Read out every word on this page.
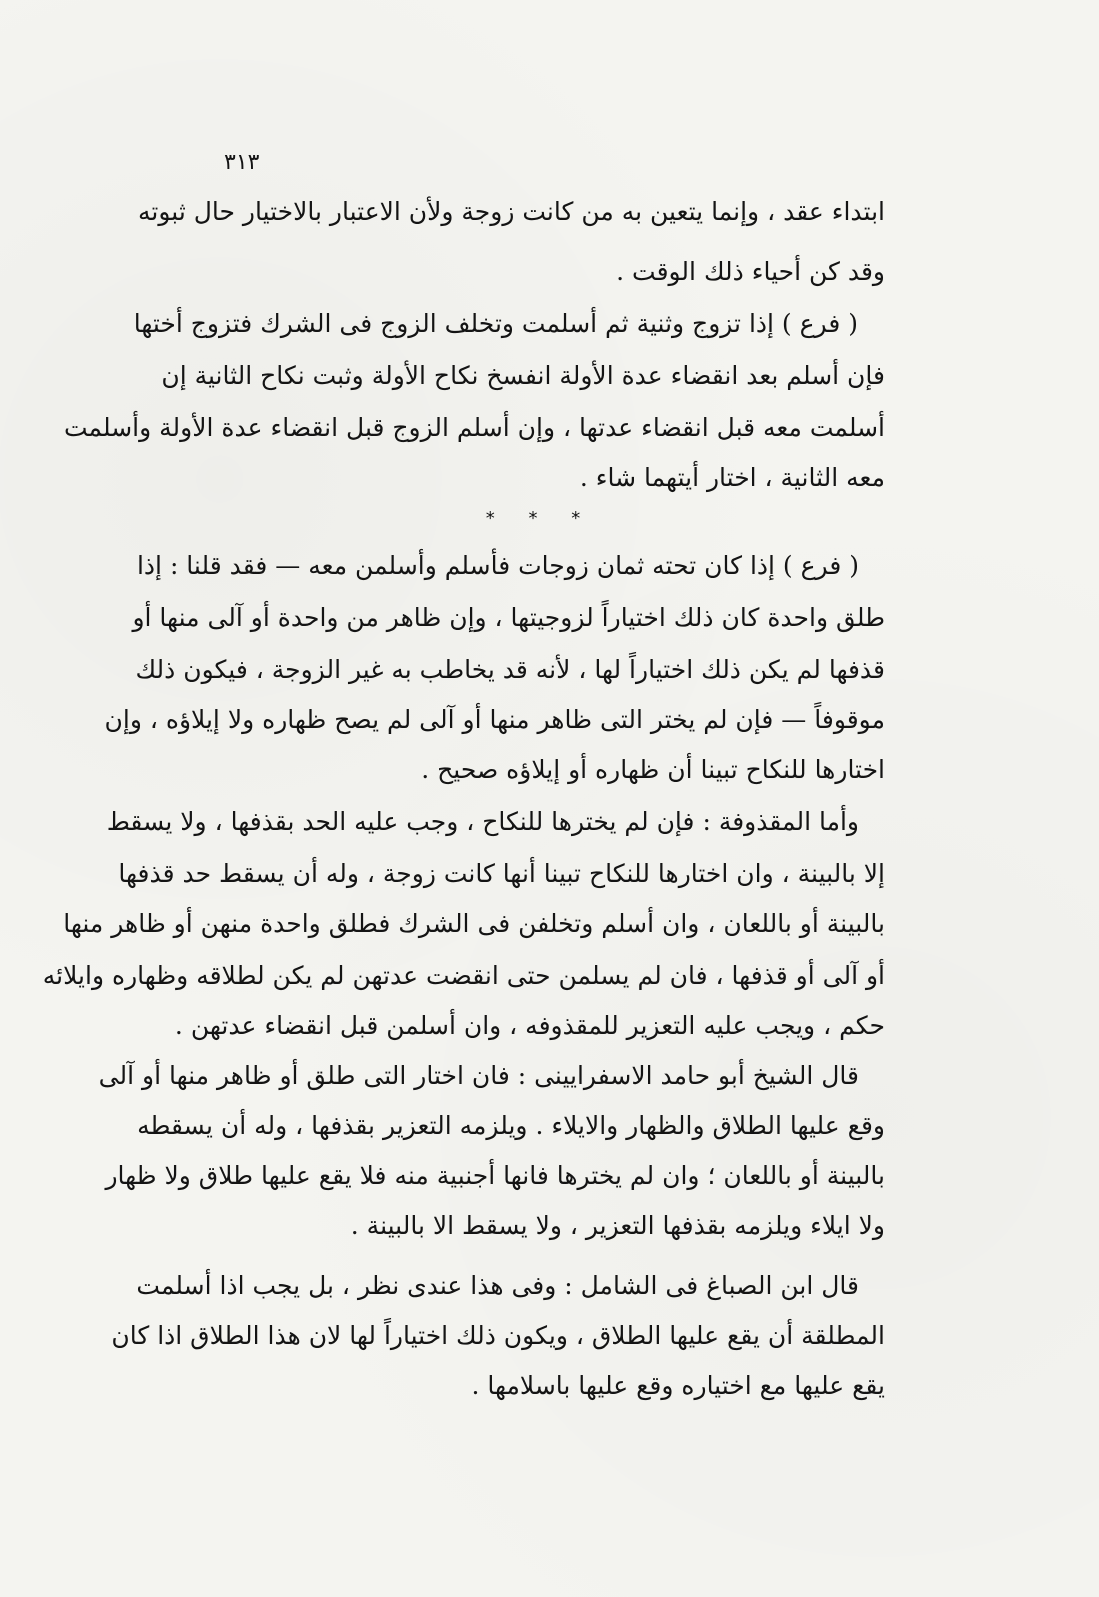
٣١٣
ابتداء عقد ، وإنما يتعين به من كانت زوجة ولأن الاعتبار بالاختيار حال ثبوته
وقد كن أحياء ذلك الوقت .
( فرع ) إذا تزوج وثنية ثم أسلمت وتخلف الزوج فى الشرك فتزوج أختها
فإن أسلم بعد انقضاء عدة الأولة انفسخ نكاح الأولة وثبت نكاح الثانية إن
أسلمت معه قبل انقضاء عدتها ، وإن أسلم الزوج قبل انقضاء عدة الأولة وأسلمت
معه الثانية ، اختار أيتهما شاء .
* * *
( فرع ) إذا كان تحته ثمان زوجات فأسلم وأسلمن معه — فقد قلنا : إذا
طلق واحدة كان ذلك اختياراً لزوجيتها ، وإن ظاهر من واحدة أو آلى منها أو
قذفها لم يكن ذلك اختياراً لها ، لأنه قد يخاطب به غير الزوجة ، فيكون ذلك
موقوفاً — فإن لم يختر التى ظاهر منها أو آلى لم يصح ظهاره ولا إيلاؤه ، وإن
اختارها للنكاح تبينا أن ظهاره أو إيلاؤه صحيح .
وأما المقذوفة : فإن لم يخترها للنكاح ، وجب عليه الحد بقذفها ، ولا يسقط
إلا بالبينة ، وان اختارها للنكاح تبينا أنها كانت زوجة ، وله أن يسقط حد قذفها
بالبينة أو باللعان ، وان أسلم وتخلفن فى الشرك فطلق واحدة منهن أو ظاهر منها
أو آلى أو قذفها ، فان لم يسلمن حتى انقضت عدتهن لم يكن لطلاقه وظهاره وايلائه
حكم ، ويجب عليه التعزير للمقذوفه ، وان أسلمن قبل انقضاء عدتهن .
قال الشيخ أبو حامد الاسفرايينى : فان اختار التى طلق أو ظاهر منها أو آلى
وقع عليها الطلاق والظهار والايلاء . ويلزمه التعزير بقذفها ، وله أن يسقطه
بالبينة أو باللعان ؛ وان لم يخترها فانها أجنبية منه فلا يقع عليها طلاق ولا ظهار
ولا ايلاء ويلزمه بقذفها التعزير ، ولا يسقط الا بالبينة .
قال ابن الصباغ فى الشامل : وفى هذا عندى نظر ، بل يجب اذا أسلمت
المطلقة أن يقع عليها الطلاق ، ويكون ذلك اختياراً لها لان هذا الطلاق اذا كان
يقع عليها مع اختياره وقع عليها باسلامها .
